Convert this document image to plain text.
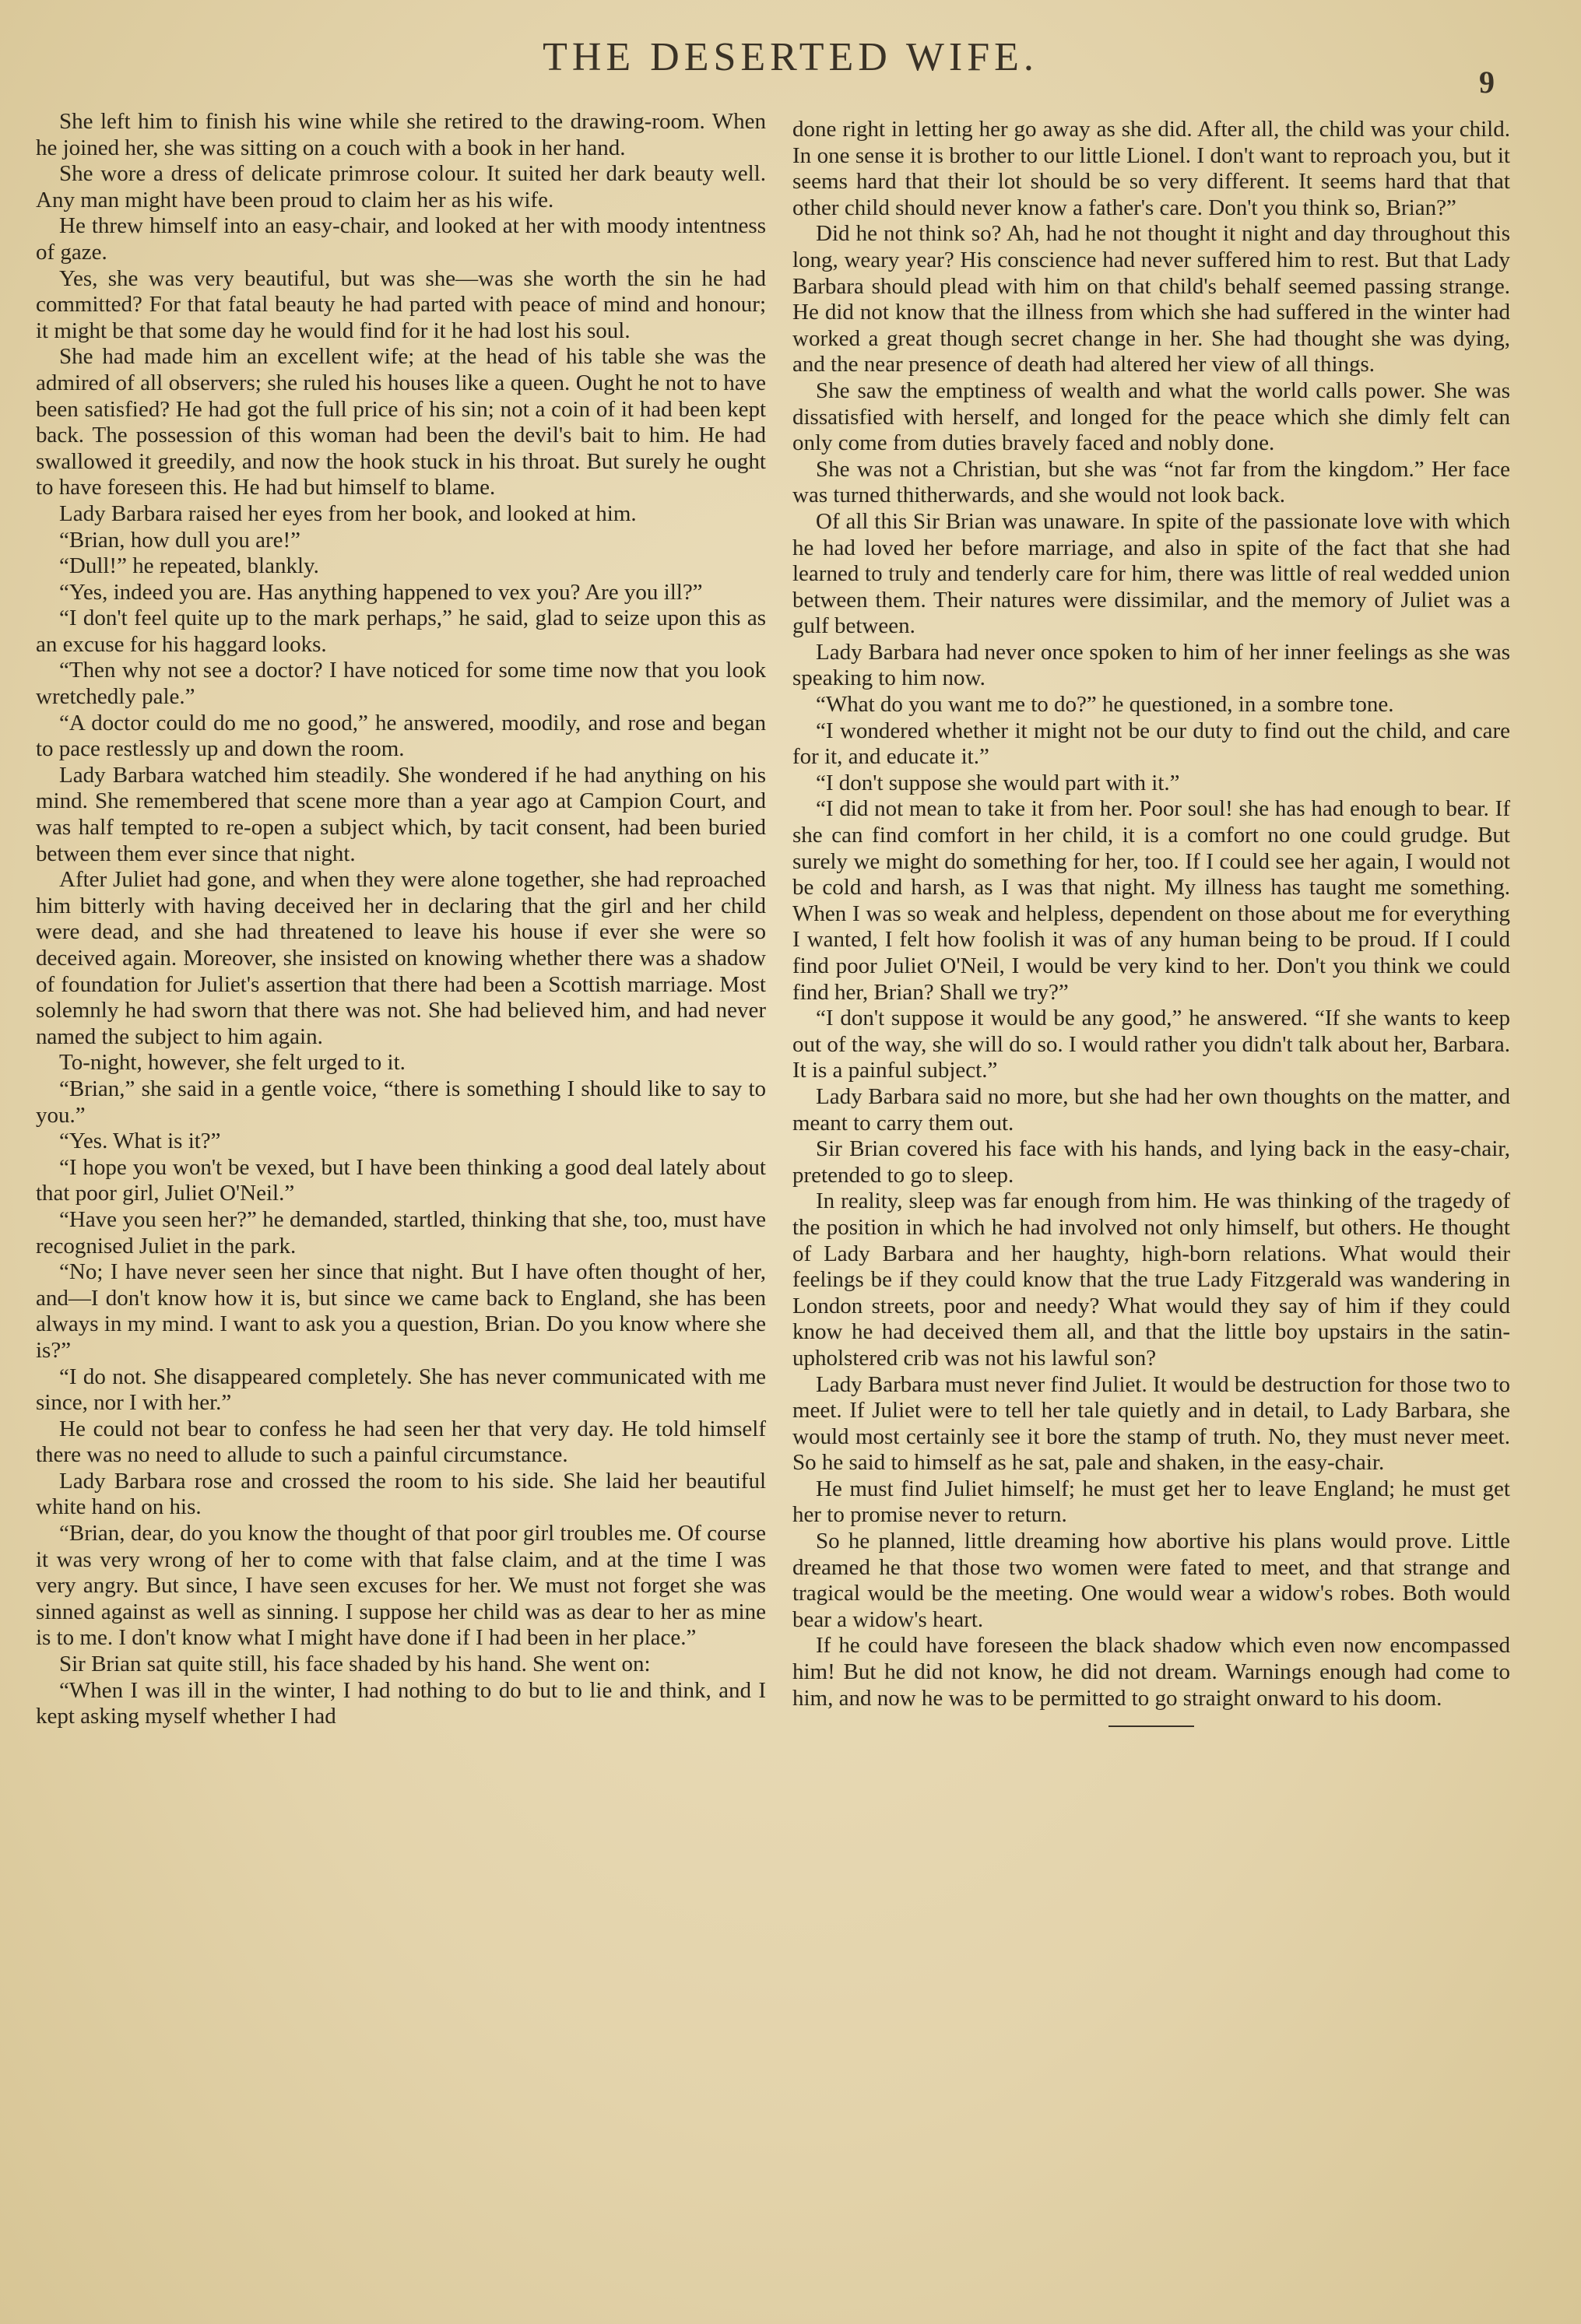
THE DESERTED WIFE.
9

She left him to finish his wine while she retired to the drawing-room. When he joined her, she was sitting on a couch with a book in her hand.

She wore a dress of delicate primrose colour. It suited her dark beauty well. Any man might have been proud to claim her as his wife.

He threw himself into an easy-chair, and looked at her with moody intentness of gaze.

Yes, she was very beautiful, but was she—was she worth the sin he had committed? For that fatal beauty he had parted with peace of mind and honour; it might be that some day he would find for it he had lost his soul.

She had made him an excellent wife; at the head of his table she was the admired of all observers; she ruled his houses like a queen. Ought he not to have been satisfied? He had got the full price of his sin; not a coin of it had been kept back. The possession of this woman had been the devil's bait to him. He had swallowed it greedily, and now the hook stuck in his throat. But surely he ought to have foreseen this. He had but himself to blame.

Lady Barbara raised her eyes from her book, and looked at him.

“Brian, how dull you are!”

“Dull!” he repeated, blankly.

“Yes, indeed you are. Has anything happened to vex you? Are you ill?”

“I don't feel quite up to the mark perhaps,” he said, glad to seize upon this as an excuse for his haggard looks.

“Then why not see a doctor? I have noticed for some time now that you look wretchedly pale.”

“A doctor could do me no good,” he answered, moodily, and rose and began to pace restlessly up and down the room.

Lady Barbara watched him steadily. She wondered if he had anything on his mind. She remembered that scene more than a year ago at Campion Court, and was half tempted to re-open a subject which, by tacit consent, had been buried between them ever since that night.

After Juliet had gone, and when they were alone together, she had reproached him bitterly with having deceived her in declaring that the girl and her child were dead, and she had threatened to leave his house if ever she were so deceived again. Moreover, she insisted on knowing whether there was a shadow of foundation for Juliet's assertion that there had been a Scottish marriage. Most solemnly he had sworn that there was not. She had believed him, and had never named the subject to him again.

To-night, however, she felt urged to it.

“Brian,” she said in a gentle voice, “there is something I should like to say to you.”

“Yes. What is it?”

“I hope you won't be vexed, but I have been thinking a good deal lately about that poor girl, Juliet O'Neil.”

“Have you seen her?” he demanded, startled, thinking that she, too, must have recognised Juliet in the park.

“No; I have never seen her since that night. But I have often thought of her, and—I don't know how it is, but since we came back to England, she has been always in my mind. I want to ask you a question, Brian. Do you know where she is?”

“I do not. She disappeared completely. She has never communicated with me since, nor I with her.”

He could not bear to confess he had seen her that very day. He told himself there was no need to allude to such a painful circumstance.

Lady Barbara rose and crossed the room to his side. She laid her beautiful white hand on his.

“Brian, dear, do you know the thought of that poor girl troubles me. Of course it was very wrong of her to come with that false claim, and at the time I was very angry. But since, I have seen excuses for her. We must not forget she was sinned against as well as sinning. I suppose her child was as dear to her as mine is to me. I don't know what I might have done if I had been in her place.”

Sir Brian sat quite still, his face shaded by his hand. She went on:

“When I was ill in the winter, I had nothing to do but to lie and think, and I kept asking myself whether I had

done right in letting her go away as she did. After all, the child was your child. In one sense it is brother to our little Lionel. I don't want to reproach you, but it seems hard that their lot should be so very different. It seems hard that that other child should never know a father's care. Don't you think so, Brian?”

Did he not think so? Ah, had he not thought it night and day throughout this long, weary year? His conscience had never suffered him to rest. But that Lady Barbara should plead with him on that child's behalf seemed passing strange. He did not know that the illness from which she had suffered in the winter had worked a great though secret change in her. She had thought she was dying, and the near presence of death had altered her view of all things.

She saw the emptiness of wealth and what the world calls power. She was dissatisfied with herself, and longed for the peace which she dimly felt can only come from duties bravely faced and nobly done.

She was not a Christian, but she was “not far from the kingdom.” Her face was turned thitherwards, and she would not look back.

Of all this Sir Brian was unaware. In spite of the passionate love with which he had loved her before marriage, and also in spite of the fact that she had learned to truly and tenderly care for him, there was little of real wedded union between them. Their natures were dissimilar, and the memory of Juliet was a gulf between.

Lady Barbara had never once spoken to him of her inner feelings as she was speaking to him now.

“What do you want me to do?” he questioned, in a sombre tone.

“I wondered whether it might not be our duty to find out the child, and care for it, and educate it.”

“I don't suppose she would part with it.”

“I did not mean to take it from her. Poor soul! she has had enough to bear. If she can find comfort in her child, it is a comfort no one could grudge. But surely we might do something for her, too. If I could see her again, I would not be cold and harsh, as I was that night. My illness has taught me something. When I was so weak and helpless, dependent on those about me for everything I wanted, I felt how foolish it was of any human being to be proud. If I could find poor Juliet O'Neil, I would be very kind to her. Don't you think we could find her, Brian? Shall we try?”

“I don't suppose it would be any good,” he answered. “If she wants to keep out of the way, she will do so. I would rather you didn't talk about her, Barbara. It is a painful subject.”

Lady Barbara said no more, but she had her own thoughts on the matter, and meant to carry them out.

Sir Brian covered his face with his hands, and lying back in the easy-chair, pretended to go to sleep.

In reality, sleep was far enough from him. He was thinking of the tragedy of the position in which he had involved not only himself, but others. He thought of Lady Barbara and her haughty, high-born relations. What would their feelings be if they could know that the true Lady Fitzgerald was wandering in London streets, poor and needy? What would they say of him if they could know he had deceived them all, and that the little boy upstairs in the satin-upholstered crib was not his lawful son?

Lady Barbara must never find Juliet. It would be destruction for those two to meet. If Juliet were to tell her tale quietly and in detail, to Lady Barbara, she would most certainly see it bore the stamp of truth. No, they must never meet. So he said to himself as he sat, pale and shaken, in the easy-chair.

He must find Juliet himself; he must get her to leave England; he must get her to promise never to return.

So he planned, little dreaming how abortive his plans would prove. Little dreamed he that those two women were fated to meet, and that strange and tragical would be the meeting. One would wear a widow's robes. Both would bear a widow's heart.

If he could have foreseen the black shadow which even now encompassed him! But he did not know, he did not dream. Warnings enough had come to him, and now he was to be permitted to go straight onward to his doom.
